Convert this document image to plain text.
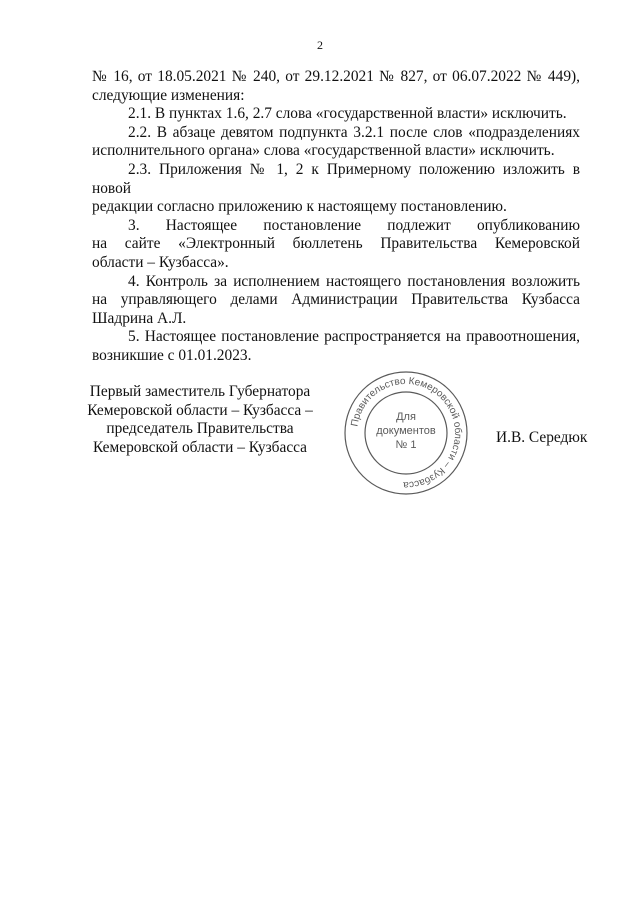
2

№ 16, от 18.05.2021 № 240, от 29.12.2021 № 827, от 06.07.2022 № 449),
следующие изменения:

2.1. В пунктах 1.6, 2.7 слова «государственной власти» исключить.

2.2. В абзаце девятом подпункта 3.2.1 после слов «подразделениях
исполнительного органа» слова «государственной власти» исключить.

2.3. Приложения № 1, 2 к Примерному положению изложить в новой
редакции согласно приложению к настоящему постановлению.

3. Настоящее постановление подлежит опубликованию
на сайте «Электронный бюллетень Правительства Кемеровской
области – Кузбасса».

4. Контроль за исполнением настоящего постановления возложить
на управляющего делами Администрации Правительства Кузбасса
Шадрина А.Л.

5. Настоящее постановление распространяется на правоотношения,
возникшие с 01.01.2023.

Первый заместитель Губернатора
Кемеровской области – Кузбасса –
председатель Правительства
Кемеровской области – Кузбасса
Правительство Кемеровской области – Кузбасса
Для
документов
№ 1	И.В. Середюк
